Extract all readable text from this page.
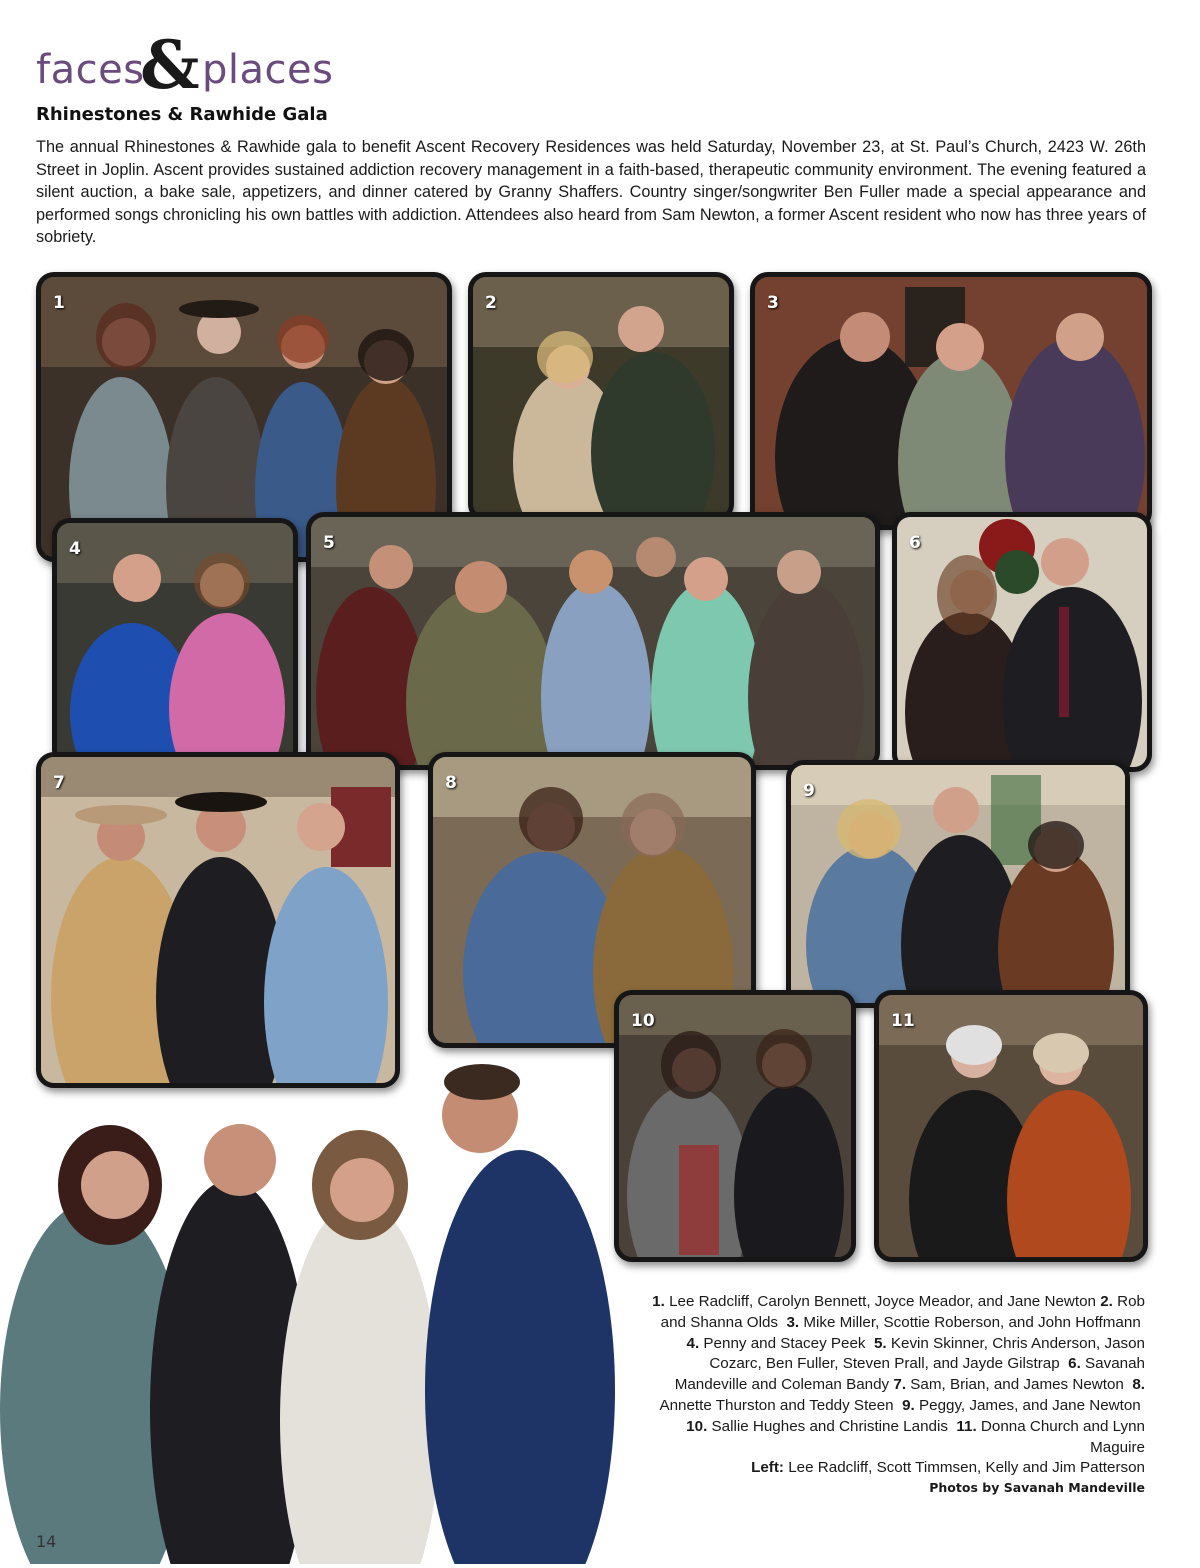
faces
& places
Rhinestones & Rawhide Gala
The annual Rhinestones & Rawhide gala to benefit Ascent Recovery Residences was held Saturday, November 23, at St. Paul’s Church, 2423 W. 26th Street in Joplin. Ascent provides sustained addiction recovery management in a faith-based, therapeutic community environment. The evening featured a silent auction, a bake sale, appetizers, and dinner catered by Granny Shaffers. Country singer/songwriter Ben Fuller made a special appearance and performed songs chronicling his own battles with addiction. Attendees also heard from Sam Newton, a former Ascent resident who now has three years of sobriety.
1	2	3
4	5	6
7	8	9
10	11
1. Lee Radcliff, Carolyn Bennett, Joyce Meador, and Jane Newton 2. Rob and Shanna Olds 3. Mike Miller, Scottie Roberson, and John Hoffmann  4. Penny and Stacey Peek 5. Kevin Skinner, Chris Anderson, Jason Cozarc, Ben Fuller, Steven Prall, and Jayde Gilstrap 6. Savanah Mandeville and Coleman Bandy 7. Sam, Brian, and James Newton 8. Annette Thurston and Teddy Steen 9. Peggy, James, and Jane Newton  10. Sallie Hughes and Christine Landis 11. Donna Church and Lynn Maguire
Left: Lee Radcliff, Scott Timmsen, Kelly and Jim Patterson
Photos by Savanah Mandeville
14
